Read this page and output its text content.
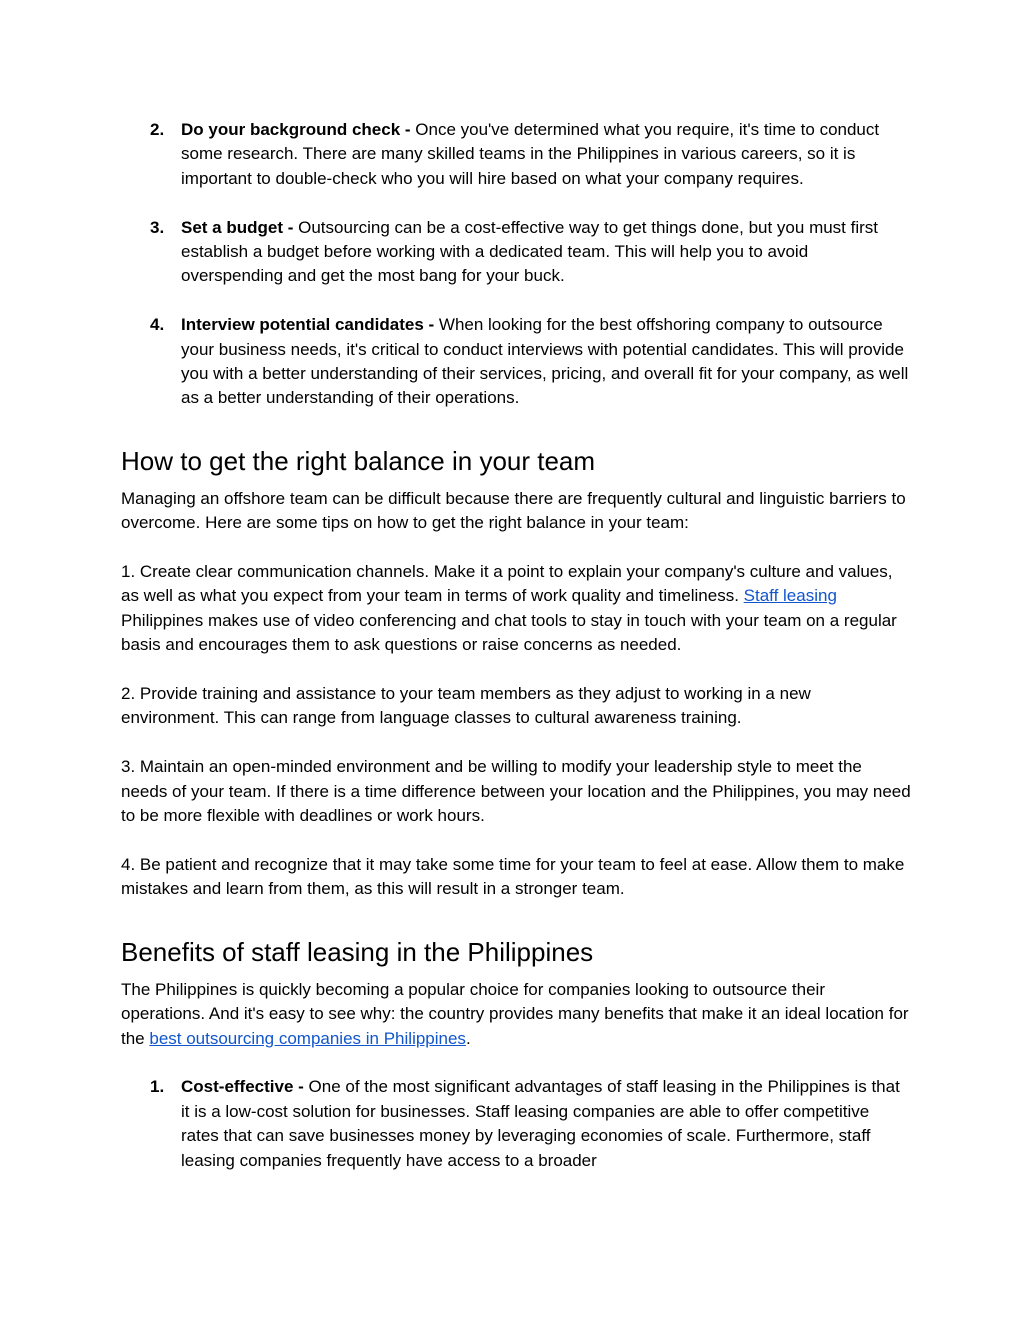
2. Do your background check - Once you've determined what you require, it's time to conduct some research. There are many skilled teams in the Philippines in various careers, so it is important to double-check who you will hire based on what your company requires.
3. Set a budget - Outsourcing can be a cost-effective way to get things done, but you must first establish a budget before working with a dedicated team. This will help you to avoid overspending and get the most bang for your buck.
4. Interview potential candidates - When looking for the best offshoring company to outsource your business needs, it's critical to conduct interviews with potential candidates. This will provide you with a better understanding of their services, pricing, and overall fit for your company, as well as a better understanding of their operations.
How to get the right balance in your team

Managing an offshore team can be difficult because there are frequently cultural and linguistic barriers to overcome. Here are some tips on how to get the right balance in your team:

1. Create clear communication channels. Make it a point to explain your company's culture and values, as well as what you expect from your team in terms of work quality and timeliness. Staff leasing Philippines makes use of video conferencing and chat tools to stay in touch with your team on a regular basis and encourages them to ask questions or raise concerns as needed.

2. Provide training and assistance to your team members as they adjust to working in a new environment. This can range from language classes to cultural awareness training.

3. Maintain an open-minded environment and be willing to modify your leadership style to meet the needs of your team. If there is a time difference between your location and the Philippines, you may need to be more flexible with deadlines or work hours.

4. Be patient and recognize that it may take some time for your team to feel at ease. Allow them to make mistakes and learn from them, as this will result in a stronger team.

Benefits of staff leasing in the Philippines

The Philippines is quickly becoming a popular choice for companies looking to outsource their operations. And it's easy to see why: the country provides many benefits that make it an ideal location for the best outsourcing companies in Philippines.

1. Cost-effective - One of the most significant advantages of staff leasing in the Philippines is that it is a low-cost solution for businesses. Staff leasing companies are able to offer competitive rates that can save businesses money by leveraging economies of scale. Furthermore, staff leasing companies frequently have access to a broader
